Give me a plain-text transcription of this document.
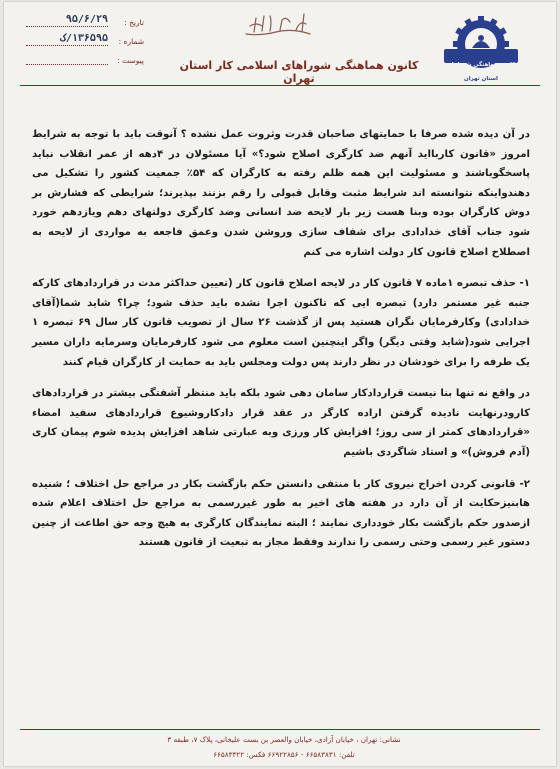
کانون هماهنگی شوراهای اسلامی کار
استان تهران
کانون هماهنگی شوراهای اسلامی کار استان تهران
تاریخ :
۹۵/۶/۲۹
شماره :
۱۳۶۵۹۵/ک
پیوست :

در آن دیده شده صرفا با حمایتهای صاحبان قدرت وثروت عمل نشده ؟ آنوقت باید با توجه به شرایط امروز «قانون کاربااید آنهم ضد کارگری اصلاح شود؟» آیا مسئولان در ۴دهه از عمر انقلاب نباید پاسخگوباشند و مسئولیت این همه ظلم رفته به کارگران که ۵۴٪ جمعیت کشور را تشکیل می دهندواینکه نتوانسته اند شرایط مثبت وقابل قبولی را رقم بزنند بپذیرند؛ شرایطی که فشارش بر دوش کارگران بوده وبنا هست زیر بار لایحه ضد انسانی وضد کارگری دولتهای دهم ویازدهم خورد شود جناب آقای خدادادی برای شفاف سازی وروشن شدن وعمق فاجعه به مواردی از لایحه به اصطلاح اصلاح قانون کار دولت اشاره می کنم

۱- حذف تبصره ۱ماده ۷ قانون کار در لایحه اصلاح قانون کار (تعیین حداکثر مدت در قراردادهای کارکه جنبه غیر مستمر دارد) تبصره ایی که تاکنون اجرا نشده باید حذف شود؛ چرا؟ شاید شما(آقای خدادادی) وکارفرمایان نگران هستید پس از گذشت ۲۶ سال از تصویب قانون کار سال ۶۹ تبصره ۱ اجرایی شود(شاید وقتی دیگر) واگر اینچنین است معلوم می شود کارفرمایان وسرمایه داران مسیر یک طرفه را برای خودشان در نظر دارند پس دولت ومجلس باید به حمایت از کارگران قیام کنند

در واقع نه تنها بنا نیست قراردادکار سامان دهی شود بلکه باید منتظر آشفتگی بیشتر در قراردادهای کارودرنهایت نادیده گرفتن اراده کارگر در عقد قرار دادکاروشیوع قراردادهای سفید امضاء «قراردادهای کمتر از سی روز؛ افزایش کار ورزی وبه عبارتی شاهد افزایش پدیده شوم پیمان کاری (آدم فروش)» و استاد شاگردی باشیم

۲- قانونی کردن اخراج نیروی کار با منتفی دانستن حکم بازگشت بکار در مراجع حل اختلاف ؛ شنیده هابنیزحکایت از آن دارد در هفته های اخیر به طور غیررسمی به مراجع حل اختلاف اعلام شده ازصدور حکم بازگشت بکار خودداری نمایند ؛ البته نمایندگان کارگری به هیچ وجه حق اطاعت از چنین دستور غیر رسمی وحتی رسمی را ندارند وفقط مجاز به تبعیت از قانون هستند

نشانی: تهران ، خیابان آزادی، خیابان والعصر بن بست علیخانی، پلاک ۷، طبقه ۳
تلفن: ۶۶۵۸۳۸۳۱ - ۶۶۹۲۲۸۵۶ فکس: ۶۶۵۸۳۳۲۲
